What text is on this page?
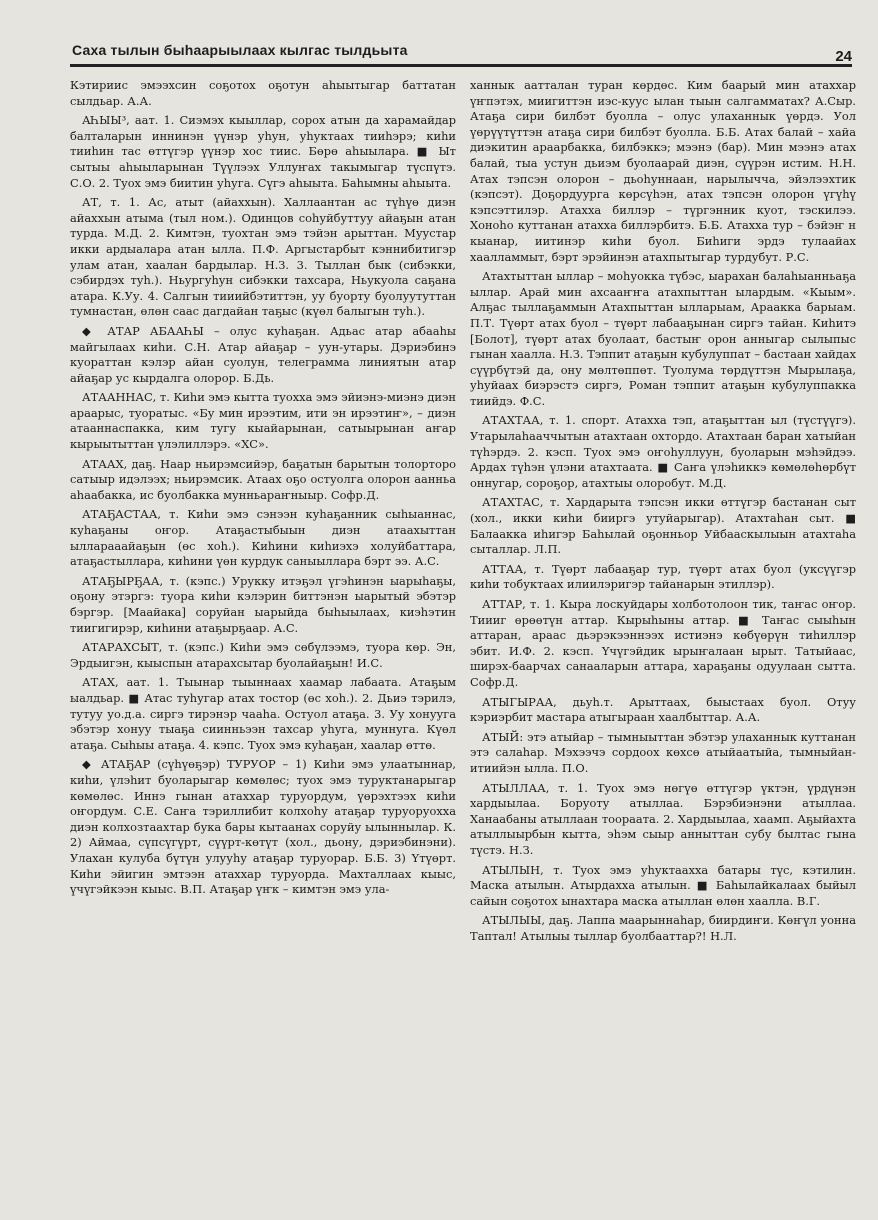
Саха тылын быһаарыылаах кылгас тылдьыта	24

Кэтириис эмээхсин соҕотох оҕотун аһыытыгар баттатан сылдьар. А.А.

АҺЫЫ³, аат. 1. Сиэмэх кыыллар, сорох атын да харамайдар балталарын иннинэн үүнэр уһун, уһуктаах тииһэрэ; киһи тииһин тас өттүгэр үүнэр хос тиис. Бөрө аһыылара. ■ Ыт сытыы аһыыларынан Түүлээх Уллуҥах такымыгар түспүтэ. С.О. 2. Туох эмэ биитин уһуга. Сүгэ аһыыта. Баһымны аһыыта.

АТ, т. 1. Ас, атыт (айаххын). Халлаантан ас түһүө диэн айаххын атыма (тыл ном.). Одинцов соһуйбуттуу айаҕын атан турда. М.Д. 2. Кимтэн, туохтан эмэ тэйэн арыттан. Муустар икки ардыалара атан ылла. П.Ф. Аргыстарбыт кэннибитигэр улам атан, хаалан бардылар. Н.З. 3. Тыллан бык (сибэкки, сэбирдэх туһ.). Ньургуһун сибэкки тахсара, Ньукуола саҕана атара. К.Уу. 4. Салгын тииийбэтиттэн, уу буорту буолуутуттан тумнастан, өлөн саас дагдайан таҕыс (күөл балыгын туһ.).

◆ АТАР АБААҺЫ – олус куһаҕан. Адьас атар абааһы майгылаах киһи. С.Н. Атар айаҕар – уун-утары. Дэриэбинэ куораттан кэлэр айан суолун, телеграмма линиятын атар айаҕар ус кырдалга олорор. Б.Дь.

АТААННАС, т. Киһи эмэ кытта туохха эмэ эйиэнэ-миэнэ диэн араарыс, туоратыс. «Бу мин ирээтим, ити эн ирээтиҥ», – диэн атааннаспакка, ким тугу кыайарынан, сатыырынан аҥар кырыытыттан үлэлиллэрэ. «ХС».

АТААХ, даҕ. Наар ньирэмсийэр, баҕатын барытын толорторо сатыыр идэлээх; ньирэмсик. Атаах оҕо остуолга олорон аанньа аһаабакка, ис буолбакка мунньараҥныыр. Софр.Д.

АТАҔАСТАА, т. Киһи эмэ сэнээн куһаҕанник сыһыаннас, куһаҕаны оҥор. Атаҕастыбыын диэн атаахыттан ылларааайаҕын (өс хоһ.). Киһини киһиэхэ холуйбаттара, атаҕастыллара, киһини үөн курдук саныыллара бэрт ээ. А.С.

АТАҔЫРҔАА, т. (кэпс.) Урукку итэҕэл үгэһинэн ыарыһаҕы, оҕону этэргэ: туора киһи кэлэрин биттэнэн ыарытый эбэтэр бэргэр. [Маайака] соруйан ыарыйда быһыылаах, киэhэтин тиигигирэр, киһини атаҕырҕаар. А.С.

АТАРАХСЫТ, т. (кэпс.) Киһи эмэ сөбүлээмэ, туора көр. Эн, Эрдыигэн, кыыспын атарахсытар буолайаҕын! И.С.

АТАХ, аат. 1. Тыынар тыыннаах хаамар лабаата. Атаҕым ыалдьар. ■ Атас туһугар атах тостор (өс хоh.). 2. Дьиэ тэрилэ, тутуу уо.д.а. сиргэ тирэнэр чааһа. Остуол атаҕа. 3. Уу хонууга эбэтэр хонуу тыаҕа сиинньээн тахсар уһуга, муннуга. Күөл атаҕа. Сыһыы атаҕа. 4. кэпс. Туох эмэ куһаҕан, хаалар өттө.

◆ АТАҔАР (сүһүөҕэр) ТУРУОР – 1) Киһи эмэ улаатыннар, киһи, үлэһит буоларыгар көмөлөс; туох эмэ туруктанарыгар көмөлөс. Иннэ гынан атаххар туруордум, үөрэхтээх киһи оҥордум. С.Е. Саҥа тэриллибит колхоһу атаҕар туруоруохха диэн колхозтаахтар бука бары кытаанах соруйу ылыннылар. К. 2) Аймаа, сүпсүгүрт, сүүрт-көтүт (хол., дьону, дэриэбинэни). Улахан кулуба бүтүн улууһу атаҕар туруорар. Б.Б. 3) Үтүөрт. Киһи эйигин эмтээн атаххар туруорда. Махталлаах кыыс, үчүгэйкээн кыыс. В.П. Атаҕар үҥк – кимтэн эмэ ула-

ханнык аатталан туран көрдөс. Ким баарый мин атаххар үҥпэтэх, миигиттэн иэс-куус ылан тыын салгамматах? А.Сыр. Атаҕа сири билбэт буолла – олус улаханнык үөрдэ. Уол үөрүүтүттэн атаҕа сири билбэт буолла. Б.Б. Атах балай – хайа диэкитин араарбакка, билбэккэ; мээнэ (бар). Мин мээнэ атах балай, тыа устун дьиэм буолаарай диэн, сүүрэн истим. Н.Н. Атах тэпсэн олорон – дьоһуннаан, нарылычча, эйэлээхтик (кэпсэт). Доҕордуурга көрсүһэн, атах тэпсэн олорон үгүһү кэпсэттилэр. Атахха биллэр – түргэнник куот, тэскилээ. Хоноһо куттанан атахха биллэрбитэ. Б.Б. Атахха тур – бэйэҥ н кыанар, иитинэр киһи буол. Биһиги эрдэ тулаайах хаалламмыт, бэрт эрэйинэн атахпытыгар турдубут. Р.С.

Атахтыттан ыллар – моһуокка түбэс, ыарахан балаһыанньаҕа ыллар. Арай мин ахсааҥҥа атахпыттан ылардым. «Кыым». Алҕас тыллаҕаммын Атахпыттан ылларыам, Араакка барыам. П.Т. Түөрт атах буол – түөрт лабааҕынан сиргэ тайан. Киһитэ [Болот], түөрт атах буолаат, бастыҥ орон анныгар сылыпыс гынан хаалла. Н.З. Тэппит атаҕын кубулуппат – бастаан хайдах сүүрбүтэй да, ону мөлтөппөт. Туолума төрдүттэн Мырылаҕа, уһуйаах биэрэстэ сиргэ, Роман тэппит атаҕын кубулуппакка тиийдэ. Ф.С.

АТАХТАА, т. 1. спорт. Атахха тэп, атаҕыттан ыл (түстүүгэ). Утарылаһааччытын атахтаан охтордо. Атахтаан баран хатыйан түһэрдэ. 2. кэсп. Туох эмэ оҥоһуллуун, буоларын мэһэйдээ. Ардах түһэн үлэни атахтаата. ■ Саҥа үлэһиккэ көмөлөһөрбүт оннугар, сороҕор, атахтыы олоробут. М.Д.

АТАХТАС, т. Хардарыта тэпсэн икки өттүгэр бастанан сыт (хол., икки киһи бииргэ утуйарыгар). Атахтаһан сыт. ■ Балаакка иһигэр Баһылай оҕонньор Уйбааскылыын атахтаһа сыталлар. Л.П.

АТТАА, т. Түөрт лабааҕар тур, түөрт атах буол (уксүүгэр киһи тобуктаах илиилэригэр тайанарын этиллэр).

АТТАР, т. 1. Кыра лоскуйдары холботолоон тик, таҥас оҥор. Тиииг өрөөтүн аттар. Кырыһыны аттар. ■ Таҥас сыыһын аттаран, араас дьэрэкээннээх истиэнэ көбүөрүн тиһиллэр эбит. И.Ф. 2. кэсп. Үчүгэйдик ырыҥалаан ырыт. Татыйаас, ширэх-баарчах санааларын аттара, хараҕаны одуулаан сытта. Софр.Д.

АТЫГЫРАА, дьуһ.т. Арыттаах, быыстаах буол. Отуу кэриэрбит мастара атыгыраан хаалбыттар. А.А.

АТЫЙ: этэ атыйар – тымныыттан эбэтэр улаханнык куттанан этэ салаһар. Мэхээчэ сордоох көхсө атыйаатыйа, тымныйан-итиийэн ылла. П.О.

АТЫЛЛАА, т. 1. Туох эмэ нөгүө өттүгэр үктэн, үрдүнэн хардыылаа. Боруоту атыллаа. Бэрэбиэнэни атыллаа. Ханаабаны атыллаан тоорaата. 2. Хардыылаа, хаамп. Аҕыйахта атыллыырбын кытта, эһэм сыыр анныттан субу былтас гына түстэ. Н.З.

АТЫЛЫН, т. Туох эмэ уһуктаахха батары түс, кэтилин. Маска атылын. Атырдахха атылын. ■ Баһылайкалаах быйыл сайын соҕотох ынахтара маска атыллан өлөн хаалла. В.Г.

АТЫЛЫЫ, даҕ. Лаппа маарыннаһар, биирдиҥи. Көҥүл уонна Таптал! Атылыы тыллар буолбааттар?! Н.Л.
